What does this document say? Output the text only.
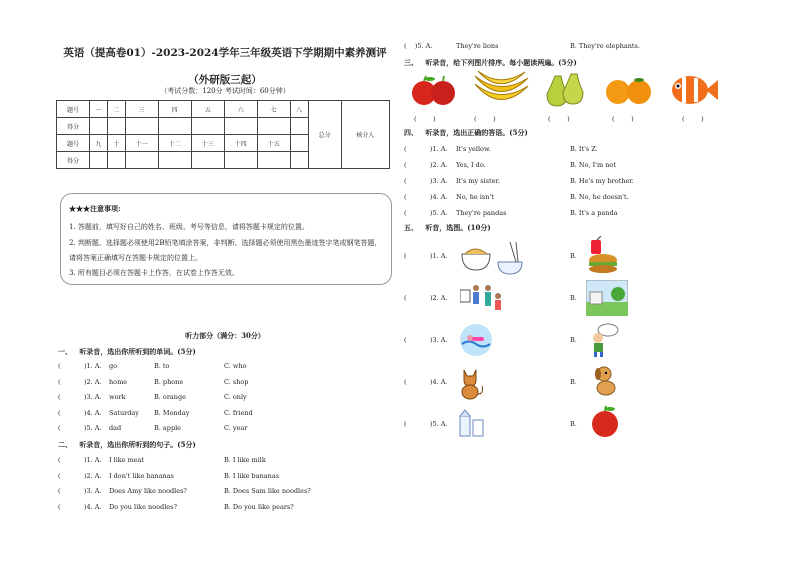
英语（提高卷01）-2023-2024学年三年级英语下学期期中素养测评
（外研版三起）
（考试分数：120分 考试时间：60分钟）
题号	一	二	三	四	五	六	七	八	总分	核分人
得分										
题号	九	十	十一	十二	十三	十四	十五			
得分										
★★★注意事项:
1. 答题前，填写好自己的姓名、班级、考号等信息，请将答题卡规定的位置。
2. 判断题、选择题必须使用2B铅笔填涂答案，非判断、选择题必须使用黑色墨迹签字笔或钢笔答题，
请将答案正确填写在答题卡规定的位置上。
3. 所有题目必须在答题卡上作答，在试卷上作答无效。
听力部分（满分：30分）
一、 听录音，选出你所听到的单词。(5分)
(	)1. A. go	B. to	C. who
(	)2. A. home	B. phone	C. shop
(	)3. A. work	B. orange	C. only
(	)4. A. Saturday B. Monday	C. friend
(	)5. A. dad	B. apple	C. year
二、 听录音，选出你所听到的句子。(5分)
(	)1. A. I like meat	B. I like milk
(	)2. A. I don't like bananas	B. I like bananas
(	)3. A. Does Amy like noodles?	B. Does Sam like noodles?
(	)4. A. Do you like noodles?	B. Do you like pears?
(    )5. A.	They're lions	B. They're elephants.
三、 听录音，给下列图片排序。每小题读两遍。(5分)
(	)	(	)	(	)	(	)	(	)
四、 听录音，选出正确的答语。(5分)
(	)1. A. It's yellow.	B. It's Z.
(	)2. A. Yes, I do.	B. No, I'm not
(	)3. A. It's my sister.	B. He's my brother.
(	)4. A. No, he isn't	B. No, he doesn't.
(	)5. A. They're pandas	B. It's a panda
五、 听音，选图。(10分)
(	)1. A.	B.
(	)2. A.	B.
(	)3. A.	B.
(	)4. A.	B.
(	)5. A.	B.
